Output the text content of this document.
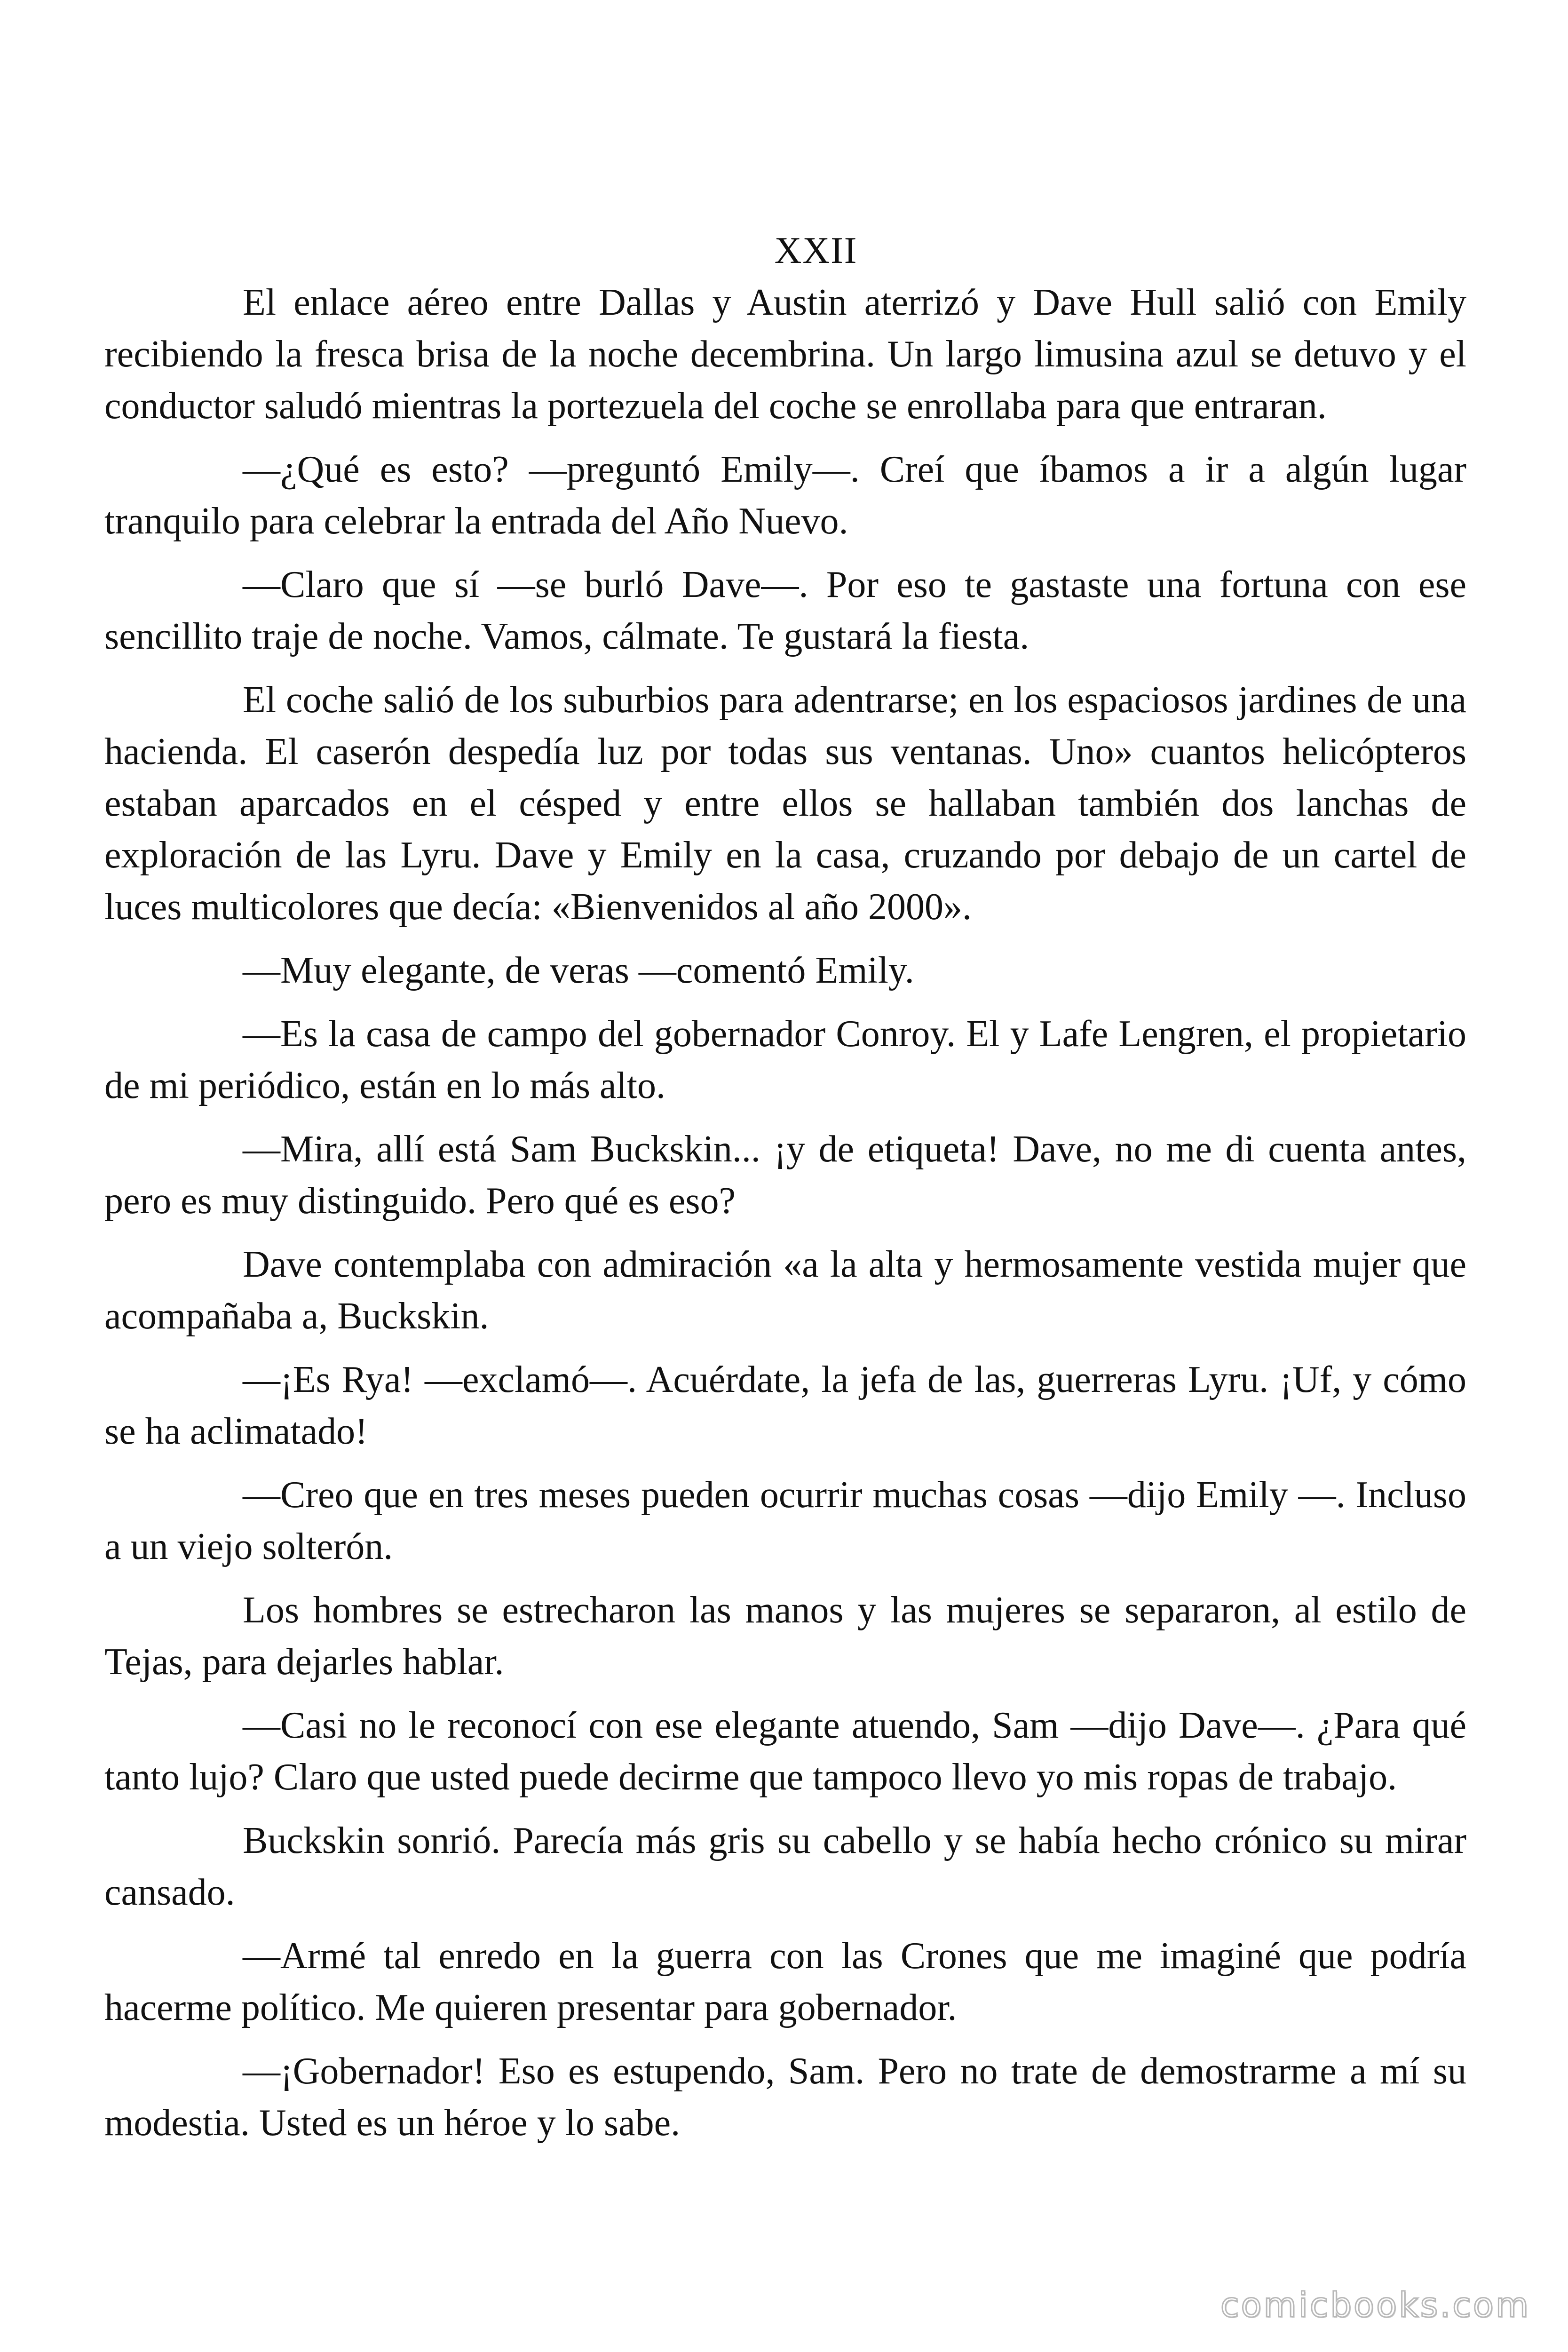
XXII

El enlace aéreo entre Dallas y Austin aterrizó y Dave Hull salió con Emily recibiendo la fresca brisa de la noche decembrina. Un largo limusina azul se detuvo y el conductor saludó mientras la portezuela del coche se enrollaba para que entraran.

—¿Qué es esto? —preguntó Emily—. Creí que íbamos a ir a algún lugar tranquilo para celebrar la entrada del Año Nuevo.

—Claro que sí —se burló Dave—. Por eso te gastaste una fortuna con ese sencillito traje de noche. Vamos, cálmate. Te gustará la fiesta.

El coche salió de los suburbios para adentrarse; en los espaciosos jardines de una hacienda. El caserón despedía luz por todas sus ventanas. Uno» cuantos helicópteros estaban aparcados en el césped y entre ellos se hallaban también dos lanchas de exploración de las Lyru. Dave y Emily en la casa, cruzando por debajo de un cartel de luces multicolores que decía: «Bienvenidos al año 2000».

—Muy elegante, de veras —comentó Emily.

—Es la casa de campo del gobernador Conroy. El y Lafe Lengren, el propietario de mi periódico, están en lo más alto.

—Mira, allí está Sam Buckskin... ¡y de etiqueta! Dave, no me di cuenta antes, pero es muy distinguido. Pero qué es eso?

Dave contemplaba con admiración «a la alta y hermosamente vestida mujer que acompañaba a, Buckskin.

—¡Es Rya! —exclamó—. Acuérdate, la jefa de las, guerreras Lyru. ¡Uf, y cómo se ha aclimatado!

—Creo que en tres meses pueden ocurrir muchas cosas —dijo Emily —. Incluso a un viejo solterón.

Los hombres se estrecharon las manos y las mujeres se separaron, al estilo de Tejas, para dejarles hablar.

—Casi no le reconocí con ese elegante atuendo, Sam —dijo Dave—. ¿Para qué tanto lujo? Claro que usted puede decirme que tampoco llevo yo mis ropas de trabajo.

Buckskin sonrió. Parecía más gris su cabello y se había hecho crónico su mirar cansado.

—Armé tal enredo en la guerra con las Crones que me imaginé que podría hacerme político. Me quieren presentar para gobernador.

—¡Gobernador! Eso es estupendo, Sam. Pero no trate de demostrarme a mí su modestia. Usted es un héroe y lo sabe.

comicbooks.com
